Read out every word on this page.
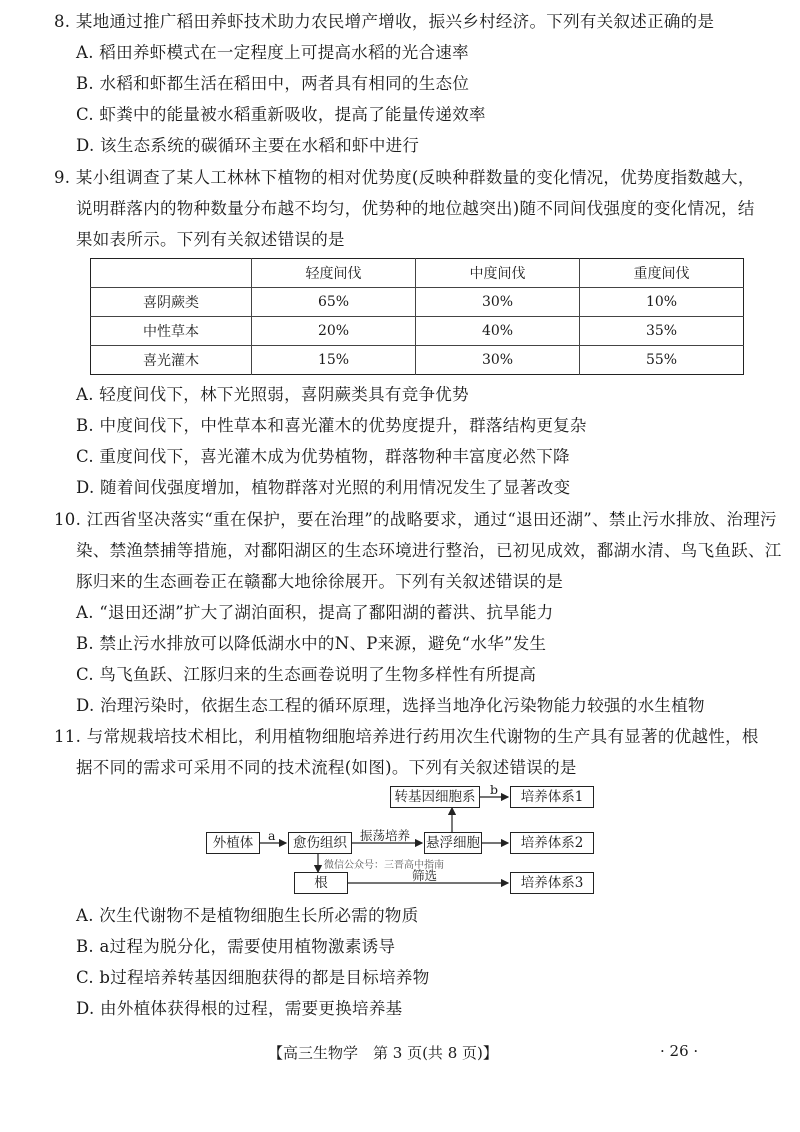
8. 某地通过推广稻田养虾技术助力农民增产增收，振兴乡村经济。下列有关叙述正确的是
A. 稻田养虾模式在一定程度上可提高水稻的光合速率
B. 水稻和虾都生活在稻田中，两者具有相同的生态位
C. 虾粪中的能量被水稻重新吸收，提高了能量传递效率
D. 该生态系统的碳循环主要在水稻和虾中进行
9. 某小组调查了某人工林林下植物的相对优势度(反映种群数量的变化情况，优势度指数越大，
说明群落内的物种数量分布越不均匀，优势种的地位越突出)随不同间伐强度的变化情况，结
果如表所示。下列有关叙述错误的是
	轻度间伐	中度间伐	重度间伐
喜阴蕨类	65%	30%	10%
中性草本	20%	40%	35%
喜光灌木	15%	30%	55%
A. 轻度间伐下，林下光照弱，喜阴蕨类具有竞争优势
B. 中度间伐下，中性草本和喜光灌木的优势度提升，群落结构更复杂
C. 重度间伐下，喜光灌木成为优势植物，群落物种丰富度必然下降
D. 随着间伐强度增加，植物群落对光照的利用情况发生了显著改变
10. 江西省坚决落实“重在保护，要在治理”的战略要求，通过“退田还湖”、禁止污水排放、治理污
染、禁渔禁捕等措施，对鄱阳湖区的生态环境进行整治，已初见成效，鄱湖水清、鸟飞鱼跃、江
豚归来的生态画卷正在赣鄱大地徐徐展开。下列有关叙述错误的是
A. “退田还湖”扩大了湖泊面积，提高了鄱阳湖的蓄洪、抗旱能力
B. 禁止污水排放可以降低湖水中的N、P来源，避免“水华”发生
C. 鸟飞鱼跃、江豚归来的生态画卷说明了生物多样性有所提高
D. 治理污染时，依据生态工程的循环原理，选择当地净化污染物能力较强的水生植物
11. 与常规栽培技术相比，利用植物细胞培养进行药用次生代谢物的生产具有显著的优越性，根
据不同的需求可采用不同的技术流程(如图)。下列有关叙述错误的是
外植体	愈伤组织	悬浮细胞
转基因细胞系
根
培养体系1
培养体系2
培养体系3
a
b
振荡培养
筛选
微信公众号：三晋高中指南
A. 次生代谢物不是植物细胞生长所必需的物质
B. a过程为脱分化，需要使用植物激素诱导
C. b过程培养转基因细胞获得的都是目标培养物
D. 由外植体获得根的过程，需要更换培养基
【高三生物学　第 3 页(共 8 页)】	· 26 ·
